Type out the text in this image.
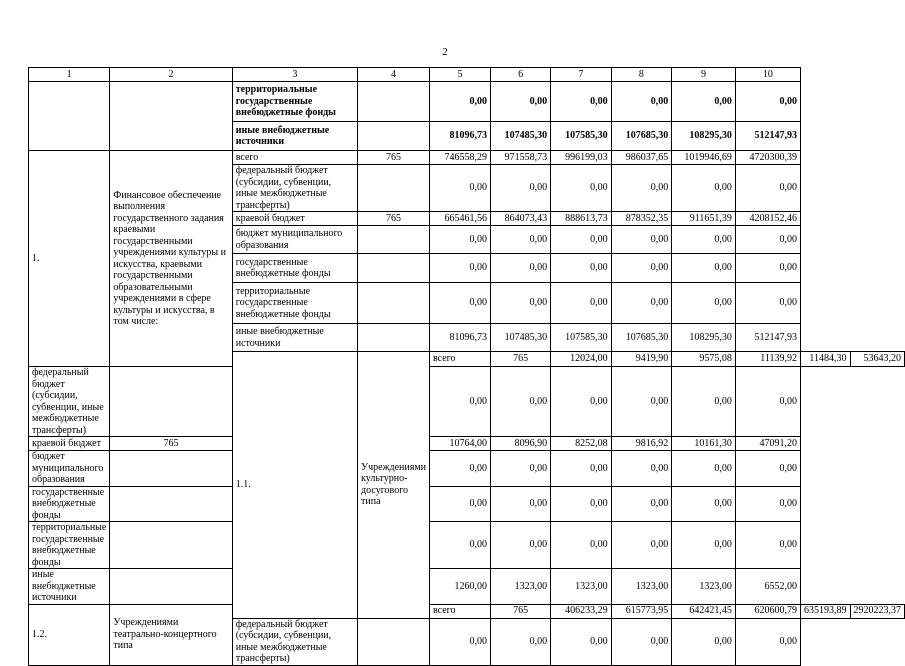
2
1	2	3	4	5	6	7	8	9	10		
		территориальные государственные внебюджетные фонды		0,00	0,00	0,00	0,00	0,00	0,00		
		иные внебюджетные источники		81096,73	107485,30	107585,30	107685,30	108295,30	512147,93		
1.	Финансовое обеспечение выполнения государственного задания краевыми государственными учреждениями культуры и искусства, краевыми государственными образовательными учреждениями в сфере культуры и искусства, в том числе:	всего	765	746558,29	971558,73	996199,03	986037,65	1019946,69	4720300,39		
		федеральный бюджет (субсидии, субвенции, иные межбюджетные трансферты)		0,00	0,00	0,00	0,00	0,00	0,00		
		краевой бюджет	765	665461,56	864073,43	888613,73	878352,35	911651,39	4208152,46		
		бюджет муниципального образования		0,00	0,00	0,00	0,00	0,00	0,00		
		государственные внебюджетные фонды		0,00	0,00	0,00	0,00	0,00	0,00		
		территориальные государственные внебюджетные фонды		0,00	0,00	0,00	0,00	0,00	0,00		
		иные внебюджетные источники		81096,73	107485,30	107585,30	107685,30	108295,30	512147,93		
		1.1.	Учреждениями культурно-досугового типа	всего	765	12024,00	9419,90	9575,08	11139,92	11484,30	53643,20
федеральный бюджет (субсидии, субвенции, иные межбюджетные трансферты)				0,00	0,00	0,00	0,00	0,00	0,00		
краевой бюджет	765			10764,00	8096,90	8252,08	9816,92	10161,30	47091,20		
бюджет муниципального образования				0,00	0,00	0,00	0,00	0,00	0,00		
государственные внебюджетные фонды				0,00	0,00	0,00	0,00	0,00	0,00		
территориальные государственные внебюджетные фонды				0,00	0,00	0,00	0,00	0,00	0,00		
иные внебюджетные источники				1260,00	1323,00	1323,00	1323,00	1323,00	6552,00		
1.2.	Учреждениями театрально-концертного типа			всего	765	406233,29	615773,95	642421,45	620600,79	635193,89	2920223,37
		федеральный бюджет (субсидии, субвенции, иные межбюджетные трансферты)		0,00	0,00	0,00	0,00	0,00	0,00		
